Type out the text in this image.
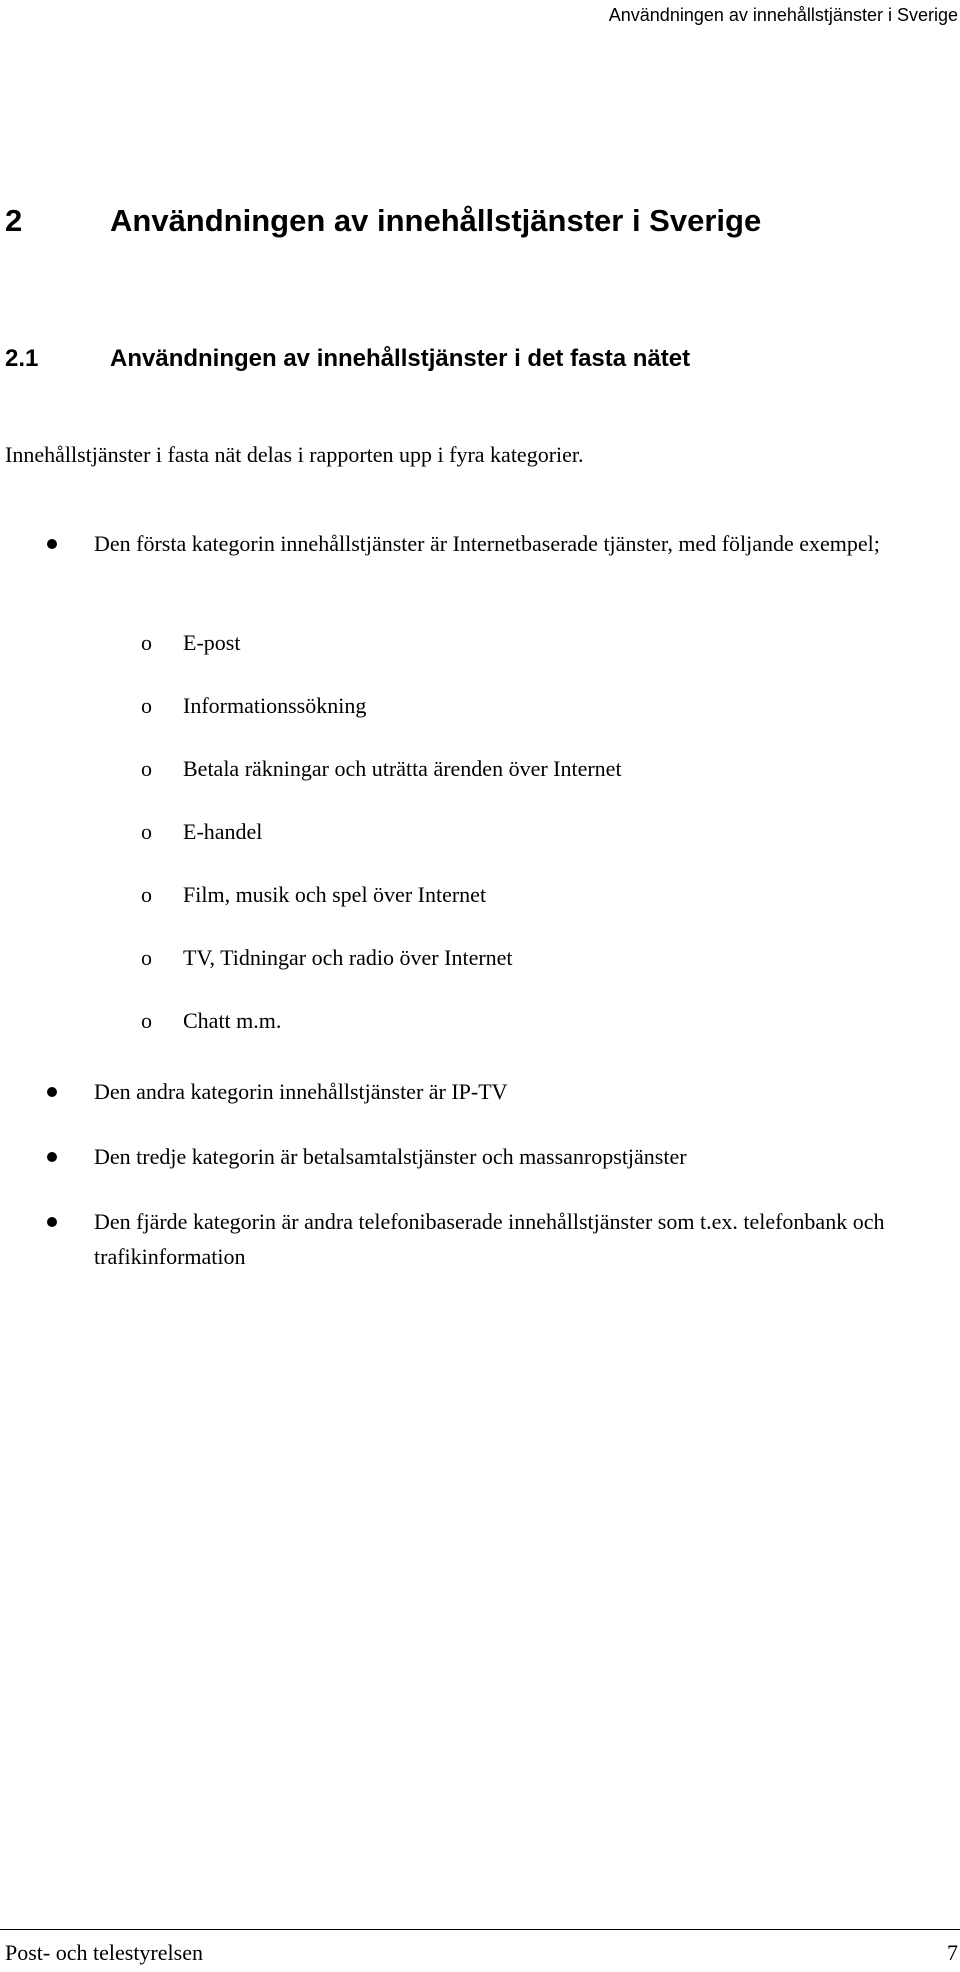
Användningen av innehållstjänster i Sverige
2	Användningen av innehållstjänster i Sverige
2.1	Användningen av innehållstjänster i det fasta nätet
Innehållstjänster i fasta nät delas i rapporten upp i fyra kategorier.
Den första kategorin innehållstjänster är Internetbaserade tjänster, med följande exempel;
o E-post
o Informationssökning
o Betala räkningar och uträtta ärenden över Internet
o E-handel
o Film, musik och spel över Internet
o TV, Tidningar och radio över Internet
o Chatt m.m.
Den andra kategorin innehållstjänster är IP-TV
Den tredje kategorin är betalsamtalstjänster och massanropstjänster
Den fjärde kategorin är andra telefonibaserade innehållstjänster som t.ex. telefonbank och trafikinformation
Post- och telestyrelsen	7
